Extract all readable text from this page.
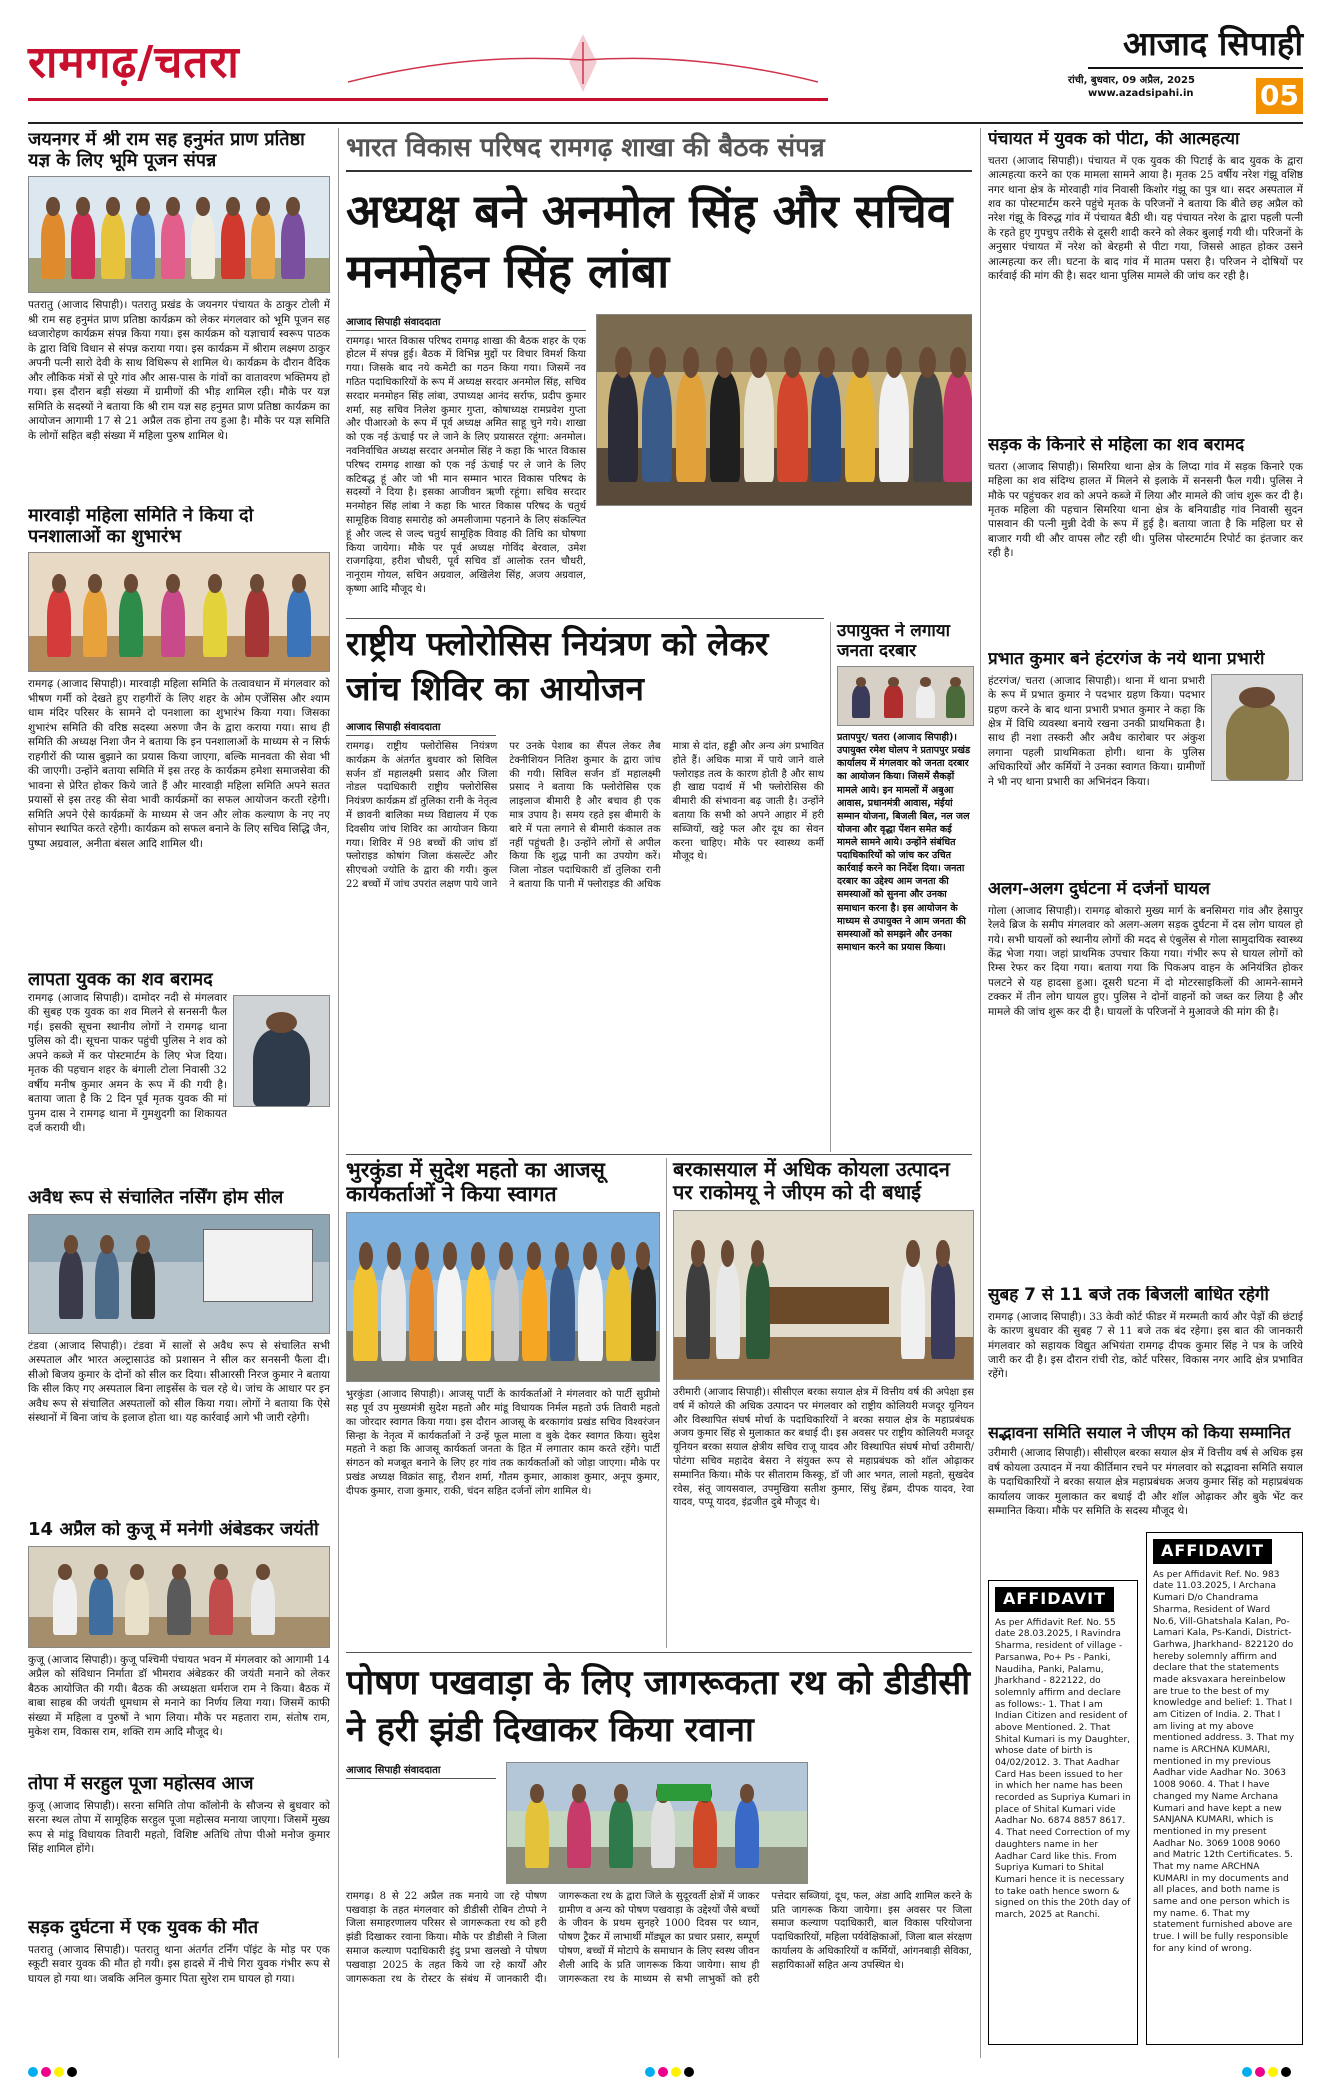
रामगढ़/चतरा	आजाद सिपाही
रांची, बुधवार, 09 अप्रैल, 2025
www.azadsipahi.in	05
जयनगर में श्री राम सह हनुमंत प्राण प्रतिष्ठा यज्ञ के लिए भूमि पूजन संपन्न

पतरातु (आजाद सिपाही)। पतरातु प्रखंड के जयनगर पंचायत के ठाकुर टोली में श्री राम सह हनुमंत प्राण प्रतिष्ठा कार्यक्रम को लेकर मंगलवार को भूमि पूजन सह ध्वजारोहण कार्यक्रम संपन्न किया गया। इस कार्यक्रम को यज्ञाचार्य स्वरूप पाठक के द्वारा विधि विधान से संपन्न कराया गया। इस कार्यक्रम में श्रीराम लक्ष्मण ठाकुर अपनी पत्नी सारो देवी के साथ विधिरूप से शामिल थे। कार्यक्रम के दौरान वैदिक और लौकिक मंत्रों से पूरे गांव और आस-पास के गांवों का वातावरण भक्तिमय हो गया। इस दौरान बड़ी संख्या में ग्रामीणों की भीड़ शामिल रही। मौके पर यज्ञ समिति के सदस्यों ने बताया कि श्री राम यज्ञ सह हनुमत प्राण प्रतिष्ठा कार्यक्रम का आयोजन आगामी 17 से 21 अप्रैल तक होना तय हुआ है। मौके पर यज्ञ समिति के लोगों सहित बड़ी संख्या में महिला पुरुष शामिल थे।

मारवाड़ी महिला समिति ने किया दो पनशालाओं का शुभारंभ

रामगढ़ (आजाद सिपाही)। मारवाड़ी महिला समिति के तत्वावधान में मंगलवार को भीषण गर्मी को देखते हुए राहगीरों के लिए शहर के ओम एजेंसिस और श्याम धाम मंदिर परिसर के सामने दो पनशाला का शुभारंभ किया गया। जिसका शुभारंभ समिति की वरिष्ठ सदस्या अरुणा जैन के द्वारा कराया गया। साथ ही समिति की अध्यक्ष निशा जैन ने बताया कि इन पनशालाओं के माध्यम से न सिर्फ राहगीरों की प्यास बुझाने का प्रयास किया जाएगा, बल्कि मानवता की सेवा भी की जाएगी। उन्होंने बताया समिति में इस तरह के कार्यक्रम हमेशा समाजसेवा की भावना से प्रेरित होकर किये जाते हैं और मारवाड़ी महिला समिति अपने सतत प्रयासों से इस तरह की सेवा भावी कार्यक्रमों का सफल आयोजन करती रहेगी। समिति अपने ऐसे कार्यक्रमों के माध्यम से जन और लोक कल्याण के नए नए सोपान स्थापित करते रहेगी। कार्यक्रम को सफल बनाने के लिए सचिव सिद्धि जैन, पुष्पा अग्रवाल, अनीता बंसल आदि शामिल थी।

लापता युवक का शव बरामद

रामगढ़ (आजाद सिपाही)। दामोदर नदी से मंगलवार की सुबह एक युवक का शव मिलने से सनसनी फैल गई। इसकी सूचना स्थानीय लोगों ने रामगढ़ थाना पुलिस को दी। सूचना पाकर पहुंची पुलिस ने शव को अपने कब्जे में कर पोस्टमार्टम के लिए भेज दिया। मृतक की पहचान शहर के बंगाली टोला निवासी 32 वर्षीय मनीष कुमार अमन के रूप में की गयी है। बताया जाता है कि 2 दिन पूर्व मृतक युवक की मां पुनम दास ने रामगढ़ थाना में गुमशुदगी का शिकायत दर्ज करायी थी।

अवैध रूप से संचालित नर्सिंग होम सील

टंडवा (आजाद सिपाही)। टंडवा में सालों से अवैध रूप से संचालित सभी अस्पताल और भारत अल्ट्रासाउंड को प्रशासन ने सील कर सनसनी फैला दी। सीओ बिजय कुमार के दोनों को सील कर दिया। सीआरसी निरज कुमार ने बताया कि सील किए गए अस्पताल बिना लाइसेंस के चल रहे थे। जांच के आधार पर इन अवैध रूप से संचालित अस्पतालों को सील किया गया। लोगों ने बताया कि ऐसे संस्थानों में बिना जांच के इलाज होता था। यह कार्रवाई आगे भी जारी रहेगी।

14 अप्रैल को कुजू में मनेगी अंबेडकर जयंती

कुजू (आजाद सिपाही)। कुजू पश्चिमी पंचायत भवन में मंगलवार को आगामी 14 अप्रैल को संविधान निर्माता डॉ भीमराव अंबेडकर की जयंती मनाने को लेकर बैठक आयोजित की गयी। बैठक की अध्यक्षता धर्मराज राम ने किया। बैठक में बाबा साहब की जयंती धूमधाम से मनाने का निर्णय लिया गया। जिसमें काफी संख्या में महिला व पुरुषों ने भाग लिया। मौके पर महतारा राम, संतोष राम, मुकेश राम, विकास राम, शक्ति राम आदि मौजूद थे।

तोपा में सरहुल पूजा महोत्सव आज

कुजू (आजाद सिपाही)। सरना समिति तोपा कॉलोनी के सौजन्य से बुधवार को सरना स्थल तोपा में सामूहिक सरहुल पूजा महोत्सव मनाया जाएगा। जिसमें मुख्य रूप से मांडू विधायक तिवारी महतो, विशिष्ट अतिथि तोपा पीओ मनोज कुमार सिंह शामिल होंगे।

सड़क दुर्घटना में एक युवक की मौत

पतरातु (आजाद सिपाही)। पतरातु थाना अंतर्गत टर्निंग पॉइंट के मोड़ पर एक स्कूटी सवार युवक की मौत हो गयी। इस हादसे में नीचे गिरा युवक गंभीर रूप से घायल हो गया था। जबकि अनिल कुमार पिता सुरेश राम घायल हो गया।

भारत विकास परिषद रामगढ़ शाखा की बैठक संपन्न
अध्यक्ष बने अनमोल सिंह और सचिव मनमोहन सिंह लांबा
आजाद सिपाही संवाददाता

रामगढ़। भारत विकास परिषद रामगढ़ शाखा की बैठक शहर के एक होटल में संपन्न हुई। बैठक में विभिन्न मुद्दों पर विचार विमर्श किया गया। जिसके बाद नये कमेटी का गठन किया गया। जिसमें नव गठित पदाधिकारियों के रूप में अध्यक्ष सरदार अनमोल सिंह, सचिव सरदार मनमोहन सिंह लांबा, उपाध्यक्ष आनंद सर्राफ, प्रदीप कुमार शर्मा, सह सचिव निलेश कुमार गुप्ता, कोषाध्यक्ष रामप्रवेश गुप्ता और पीआरओ के रूप में पूर्व अध्यक्ष अमित साहू चुने गये। शाखा को एक नई ऊंचाई पर ले जाने के लिए प्रयासरत रहूंगा: अनमोल। नवनिर्वाचित अध्यक्ष सरदार अनमोल सिंह ने कहा कि भारत विकास परिषद रामगढ़ शाखा को एक नई ऊंचाई पर ले जाने के लिए कटिबद्ध हूं और जो भी मान सम्मान भारत विकास परिषद के सदस्यों ने दिया है। इसका आजीवन ऋणी रहूंगा। सचिव सरदार मनमोहन सिंह लांबा ने कहा कि भारत विकास परिषद के चतुर्थ सामूहिक विवाह समारोह को अमलीजामा पहनाने के लिए संकल्पित हूं और जल्द से जल्द चतुर्थ सामूहिक विवाह की तिथि का घोषणा किया जायेगा। मौके पर पूर्व अध्यक्ष गोविंद बेरवाल, उमेश राजगढ़िया, हरीश चौधरी, पूर्व सचिव डॉ आलोक रतन चौधरी, नानूराम गोयल, सचिन अग्रवाल, अखिलेश सिंह, अजय अग्रवाल, कृष्णा आदि मौजूद थे।

राष्ट्रीय फ्लोरोसिस नियंत्रण को लेकर जांच शिविर का आयोजन
आजाद सिपाही संवाददाता

रामगढ़। राष्ट्रीय फ्लोरोसिस नियंत्रण कार्यक्रम के अंतर्गत बुधवार को सिविल सर्जन डॉ महालक्ष्मी प्रसाद और जिला नोडल पदाधिकारी राष्ट्रीय फ्लोरोसिस नियंत्रण कार्यक्रम डॉ तुलिका रानी के नेतृत्व में छावनी बालिका मध्य विद्यालय में एक दिवसीय जांच शिविर का आयोजन किया गया। शिविर में 98 बच्चों की जांच डॉ फ्लोराइड कोषांग जिला कंसल्टेंट और सीएचओ ज्योति के द्वारा की गयी। कुल 22 बच्चों में जांच उपरांत लक्षण पाये जाने पर उनके पेशाब का सैंपल लेकर लैब टेक्नीशियन नितिश कुमार के द्वारा जांच की गयी। सिविल सर्जन डॉ महालक्ष्मी प्रसाद ने बताया कि फ्लोरोसिस एक लाइलाज बीमारी है और बचाव ही एक मात्र उपाय है। समय रहते इस बीमारी के बारे में पता लगाने से बीमारी कंकाल तक नहीं पहुंचती है। उन्होंने लोगों से अपील किया कि शुद्ध पानी का उपयोग करें। जिला नोडल पदाधिकारी डॉ तुलिका रानी ने बताया कि पानी में फ्लोराइड की अधिक मात्रा से दांत, हड्डी और अन्य अंग प्रभावित होते हैं। अधिक मात्रा में पाये जाने वाले फ्लोराइड तत्व के कारण होती है और साथ ही खाद्य पदार्थ में भी फ्लोरोसिस की बीमारी की संभावना बढ़ जाती है। उन्होंने बताया कि सभी को अपने आहार में हरी सब्जियों, खट्टे फल और दूध का सेवन करना चाहिए। मौके पर स्वास्थ्य कर्मी मौजूद थे।

उपायुक्त ने लगाया जनता दरबार

प्रतापपुर/ चतरा (आजाद सिपाही)। उपायुक्त रमेश घोलप ने प्रतापपुर प्रखंड कार्यालय में मंगलवार को जनता दरबार का आयोजन किया। जिसमें सैकड़ों मामले आये। इन मामलों में अबुआ आवास, प्रधानमंत्री आवास, मंईयां सम्मान योजना, बिजली बिल, नल जल योजना और वृद्धा पेंशन समेत कई मामले सामने आये। उन्होंने संबंधित पदाधिकारियों को जांच कर उचित कार्रवाई करने का निर्देश दिया। जनता दरबार का उद्देश्य आम जनता की समस्याओं को सुनना और उनका समाधान करना है। इस आयोजन के माध्यम से उपायुक्त ने आम जनता की समस्याओं को समझने और उनका समाधान करने का प्रयास किया।

भुरकुंडा में सुदेश महतो का आजसू कार्यकर्ताओं ने किया स्वागत

भुरकुंडा (आजाद सिपाही)। आजसू पार्टी के कार्यकर्ताओं ने मंगलवार को पार्टी सुप्रीमो सह पूर्व उप मुख्यमंत्री सुदेश महतो और मांडू विधायक निर्मल महतो उर्फ तिवारी महतो का जोरदार स्वागत किया गया। इस दौरान आजसू के बरकागांव प्रखंड सचिव विश्वरंजन सिन्हा के नेतृत्व में कार्यकर्ताओं ने उन्हें फूल माला व बुके देकर स्वागत किया। सुदेश महतो ने कहा कि आजसू कार्यकर्ता जनता के हित में लगातार काम करते रहेंगे। पार्टी संगठन को मजबूत बनाने के लिए हर गांव तक कार्यकर्ताओं को जोड़ा जाएगा। मौके पर प्रखंड अध्यक्ष विक्रांत साहू, रौशन शर्मा, गौतम कुमार, आकाश कुमार, अनूप कुमार, दीपक कुमार, राजा कुमार, राकी, चंदन सहित दर्जनों लोग शामिल थे।

बरकासयाल में अधिक कोयला उत्पादन पर राकोमयू ने जीएम को दी बधाई

उरीमारी (आजाद सिपाही)। सीसीएल बरका सयाल क्षेत्र में वित्तीय वर्ष की अपेक्षा इस वर्ष में कोयले की अधिक उत्पादन पर मंगलवार को राष्ट्रीय कोलियरी मजदूर यूनियन और विस्थापित संघर्ष मोर्चा के पदाधिकारियों ने बरका सयाल क्षेत्र के महाप्रबंधक अजय कुमार सिंह से मुलाकात कर बधाई दी। इस अवसर पर राष्ट्रीय कोलियरी मजदूर यूनियन बरका सयाल क्षेत्रीय सचिव राजू यादव और विस्थापित संघर्ष मोर्चा उरीमारी/पोटंगा सचिव महादेव बेसरा ने संयुक्त रूप से महाप्रबंधक को शॉल ओढ़ाकर सम्मानित किया। मौके पर सीताराम किस्कू, डॉ जी आर भगत, लालो महतो, सुखदेव रवेस, संतू जायसवाल, उपमुखिया सतीश कुमार, सिंधु हेंब्रम, दीपक यादव, रेवा यादव, पप्पू यादव, इंद्रजीत दुबे मौजूद थे।

पोषण पखवाड़ा के लिए जागरूकता रथ को डीडीसी ने हरी झंडी दिखाकर किया रवाना
आजाद सिपाही संवाददाता

रामगढ़। 8 से 22 अप्रैल तक मनाये जा रहे पोषण पखवाड़ा के तहत मंगलवार को डीडीसी रोबिन टोप्पो ने जिला समाहरणालय परिसर से जागरूकता रथ को हरी झंडी दिखाकर रवाना किया। मौके पर डीडीसी ने जिला समाज कल्याण पदाधिकारी इंदु प्रभा खलखो ने पोषण पखवाड़ा 2025 के तहत किये जा रहे कार्यों और जागरूकता रथ के रोस्टर के संबंध में जानकारी दी। जागरूकता रथ के द्वारा जिले के सुदूरवर्ती क्षेत्रों में जाकर ग्रामीण व अन्य को पोषण पखवाड़ा के उद्देश्यों जैसे बच्चों के जीवन के प्रथम सुनहरे 1000 दिवस पर ध्यान, पोषण ट्रैकर में लाभार्थी मॉड्यूल का प्रचार प्रसार, सम्पूर्ण पोषण, बच्चों में मोटापे के समाधान के लिए स्वस्थ जीवन शैली आदि के प्रति जागरूक किया जायेगा। साथ ही जागरूकता रथ के माध्यम से सभी लाभुकों को हरी पत्तेदार सब्जियां, दूध, फल, अंडा आदि शामिल करने के प्रति जागरूक किया जायेगा। इस अवसर पर जिला समाज कल्याण पदाधिकारी, बाल विकास परियोजना पदाधिकारियों, महिला पर्यवेक्षिकाओं, जिला बाल संरक्षण कार्यालय के अधिकारियों व कर्मियों, आंगनबाड़ी सेविका, सहायिकाओं सहित अन्य उपस्थित थे।

पंचायत में युवक को पीटा, की आत्महत्या

चतरा (आजाद सिपाही)। पंचायत में एक युवक की पिटाई के बाद युवक के द्वारा आत्महत्या करने का एक मामला सामने आया है। मृतक 25 वर्षीय नरेश गंझू वशिष्ठ नगर थाना क्षेत्र के मोरवाही गांव निवासी किशोर गंझू का पुत्र था। सदर अस्पताल में शव का पोस्टमार्टम करने पहुंचे मृतक के परिजनों ने बताया कि बीते छह अप्रैल को नरेश गंझू के विरुद्ध गांव में पंचायत बैठी थी। यह पंचायत नरेश के द्वारा पहली पत्नी के रहते हुए गुपचुप तरीके से दूसरी शादी करने को लेकर बुलाई गयी थी। परिजनों के अनुसार पंचायत में नरेश को बेरहमी से पीटा गया, जिससे आहत होकर उसने आत्महत्या कर ली। घटना के बाद गांव में मातम पसरा है। परिजन ने दोषियों पर कार्रवाई की मांग की है। सदर थाना पुलिस मामले की जांच कर रही है।

सड़क के किनारे से महिला का शव बरामद

चतरा (आजाद सिपाही)। सिमरिया थाना क्षेत्र के लिप्दा गांव में सड़क किनारे एक महिला का शव संदिग्ध हालत में मिलने से इलाके में सनसनी फैल गयी। पुलिस ने मौके पर पहुंचकर शव को अपने कब्जे में लिया और मामले की जांच शुरू कर दी है। मृतक महिला की पहचान सिमरिया थाना क्षेत्र के बनियाडीह गांव निवासी सुदन पासवान की पत्नी मुन्नी देवी के रूप में हुई है। बताया जाता है कि महिला घर से बाजार गयी थी और वापस लौट रही थी। पुलिस पोस्टमार्टम रिपोर्ट का इंतजार कर रही है।

प्रभात कुमार बने हंटरगंज के नये थाना प्रभारी

हंटरगंज/ चतरा (आजाद सिपाही)। थाना में थाना प्रभारी के रूप में प्रभात कुमार ने पदभार ग्रहण किया। पदभार ग्रहण करने के बाद थाना प्रभारी प्रभात कुमार ने कहा कि क्षेत्र में विधि व्यवस्था बनाये रखना उनकी प्राथमिकता है। साथ ही नशा तस्करी और अवैध कारोबार पर अंकुश लगाना पहली प्राथमिकता होगी। थाना के पुलिस अधिकारियों और कर्मियों ने उनका स्वागत किया। ग्रामीणों ने भी नए थाना प्रभारी का अभिनंदन किया।

अलग-अलग दुर्घटना में दर्जनों घायल

गोला (आजाद सिपाही)। रामगढ़ बोकारो मुख्य मार्ग के बनसिमरा गांव और हेसापुर रेलवे ब्रिज के समीप मंगलवार को अलग-अलग सड़क दुर्घटना में दस लोग घायल हो गये। सभी घायलों को स्थानीय लोगों की मदद से एंबुलेंस से गोला सामुदायिक स्वास्थ्य केंद्र भेजा गया। जहां प्राथमिक उपचार किया गया। गंभीर रूप से घायल लोगों को रिम्स रेफर कर दिया गया। बताया गया कि पिकअप वाहन के अनियंत्रित होकर पलटने से यह हादसा हुआ। दूसरी घटना में दो मोटरसाइकिलों की आमने-सामने टक्कर में तीन लोग घायल हुए। पुलिस ने दोनों वाहनों को जब्त कर लिया है और मामले की जांच शुरू कर दी है। घायलों के परिजनों ने मुआवजे की मांग की है।

सुबह 7 से 11 बजे तक बिजली बाधित रहेगी

रामगढ़ (आजाद सिपाही)। 33 केवी कोर्ट फीडर में मरम्मती कार्य और पेड़ों की छंटाई के कारण बुधवार की सुबह 7 से 11 बजे तक बंद रहेगा। इस बात की जानकारी मंगलवार को सहायक विद्युत अभियंता रामगढ़ दीपक कुमार सिंह ने पत्र के जरिये जारी कर दी है। इस दौरान रांची रोड, कोर्ट परिसर, विकास नगर आदि क्षेत्र प्रभावित रहेंगे।

सद्भावना समिति सयाल ने जीएम को किया सम्मानित

उरीमारी (आजाद सिपाही)। सीसीएल बरका सयाल क्षेत्र में वित्तीय वर्ष से अधिक इस वर्ष कोयला उत्पादन में नया कीर्तिमान रचने पर मंगलवार को सद्भावना समिति सयाल के पदाधिकारियों ने बरका सयाल क्षेत्र महाप्रबंधक अजय कुमार सिंह को महाप्रबंधक कार्यालय जाकर मुलाकात कर बधाई दी और शॉल ओढ़ाकर और बुके भेंट कर सम्मानित किया। मौके पर समिति के सदस्य मौजूद थे।

AFFIDAVIT
As per Affidavit Ref. No. 55 date 28.03.2025, I Ravindra Sharma, resident of village - Parsanwa, Po+ Ps - Panki, Naudiha, Panki, Palamu, Jharkhand - 822122, do solemnly affirm and declare as follows:- 1. That I am Indian Citizen and resident of above Mentioned. 2. That Shital Kumari is my Daughter, whose date of birth is 04/02/2012. 3. That Aadhar Card Has been issued to her in which her name has been recorded as Supriya Kumari in place of Shital Kumari vide Aadhar No. 6874 8857 8617. 4. That need Correction of my daughters name in her Aadhar Card like this. From Supriya Kumari to Shital Kumari hence it is necessary to take oath hence sworn & signed on this the 20th day of march, 2025 at Ranchi.
AFFIDAVIT
As per Affidavit Ref. No. 983 date 11.03.2025, I Archana Kumari D/o Chandrama Sharma, Resident of Ward No.6, Vill-Ghatshala Kalan, Po-Lamari Kala, Ps-Kandi, District-Garhwa, Jharkhand- 822120 do hereby solemnly affirm and declare that the statements made aksvaxara hereinbelow are true to the best of my knowledge and belief: 1. That I am Citizen of India. 2. That I am living at my above mentioned address. 3. That my name is ARCHNA KUMARI, mentioned in my previous Aadhar vide Aadhar No. 3063 1008 9060. 4. That I have changed my Name Archana Kumari and have kept a new SANJANA KUMARI, which is mentioned in my present Aadhar No. 3069 1008 9060 and Matric 12th Certificates. 5. That my name ARCHNA KUMARI in my documents and all places, and both name is same and one person which is my name. 6. That my statement furnished above are true. I will be fully responsible for any kind of wrong.
